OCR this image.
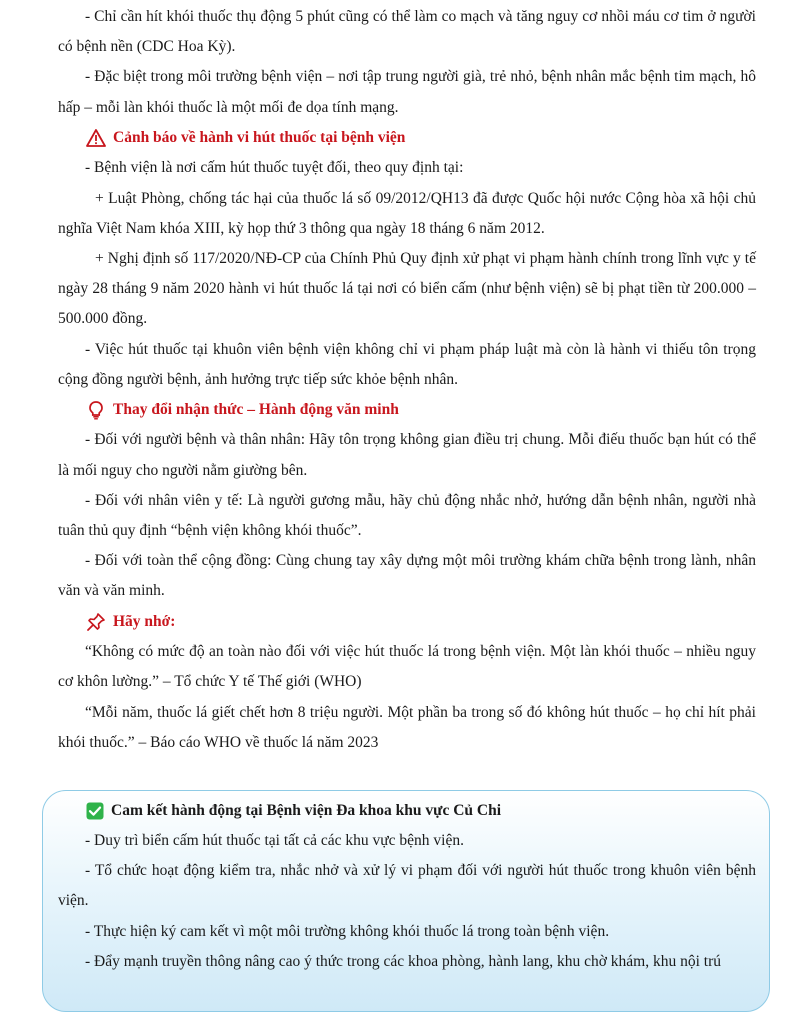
- Chỉ cần hít khói thuốc thụ động 5 phút cũng có thể làm co mạch và tăng nguy cơ nhồi máu cơ tim ở người có bệnh nền (CDC Hoa Kỳ).

- Đặc biệt trong môi trường bệnh viện – nơi tập trung người già, trẻ nhỏ, bệnh nhân mắc bệnh tim mạch, hô hấp – mỗi làn khói thuốc là một mối đe dọa tính mạng.

Cảnh báo về hành vi hút thuốc tại bệnh viện

- Bệnh viện là nơi cấm hút thuốc tuyệt đối, theo quy định tại:

+ Luật Phòng, chống tác hại của thuốc lá số 09/2012/QH13 đã được Quốc hội nước Cộng hòa xã hội chủ nghĩa Việt Nam khóa XIII, kỳ họp thứ 3 thông qua ngày 18 tháng 6 năm 2012.

+ Nghị định số 117/2020/NĐ-CP của Chính Phủ Quy định xử phạt vi phạm hành chính trong lĩnh vực y tế ngày 28 tháng 9 năm 2020 hành vi hút thuốc lá tại nơi có biển cấm (như bệnh viện) sẽ bị phạt tiền từ 200.000 – 500.000 đồng.

- Việc hút thuốc tại khuôn viên bệnh viện không chỉ vi phạm pháp luật mà còn là hành vi thiếu tôn trọng cộng đồng người bệnh, ảnh hưởng trực tiếp sức khỏe bệnh nhân.

Thay đổi nhận thức – Hành động văn minh

- Đối với người bệnh và thân nhân: Hãy tôn trọng không gian điều trị chung. Mỗi điếu thuốc bạn hút có thể là mối nguy cho người nằm giường bên.

- Đối với nhân viên y tế: Là người gương mẫu, hãy chủ động nhắc nhở, hướng dẫn bệnh nhân, người nhà tuân thủ quy định “bệnh viện không khói thuốc”.

- Đối với toàn thể cộng đồng: Cùng chung tay xây dựng một môi trường khám chữa bệnh trong lành, nhân văn và văn minh.

Hãy nhớ:

“Không có mức độ an toàn nào đối với việc hút thuốc lá trong bệnh viện. Một làn khói thuốc – nhiều nguy cơ khôn lường.” – Tổ chức Y tế Thế giới (WHO)

“Mỗi năm, thuốc lá giết chết hơn 8 triệu người. Một phần ba trong số đó không hút thuốc – họ chỉ hít phải khói thuốc.” – Báo cáo WHO về thuốc lá năm 2023

Cam kết hành động tại Bệnh viện Đa khoa khu vực Củ Chi

- Duy trì biển cấm hút thuốc tại tất cả các khu vực bệnh viện.

- Tổ chức hoạt động kiểm tra, nhắc nhở và xử lý vi phạm đối với người hút thuốc trong khuôn viên bệnh viện.

- Thực hiện ký cam kết vì một môi trường không khói thuốc lá trong toàn bệnh viện.

- Đẩy mạnh truyền thông nâng cao ý thức trong các khoa phòng, hành lang, khu chờ khám, khu nội trú
